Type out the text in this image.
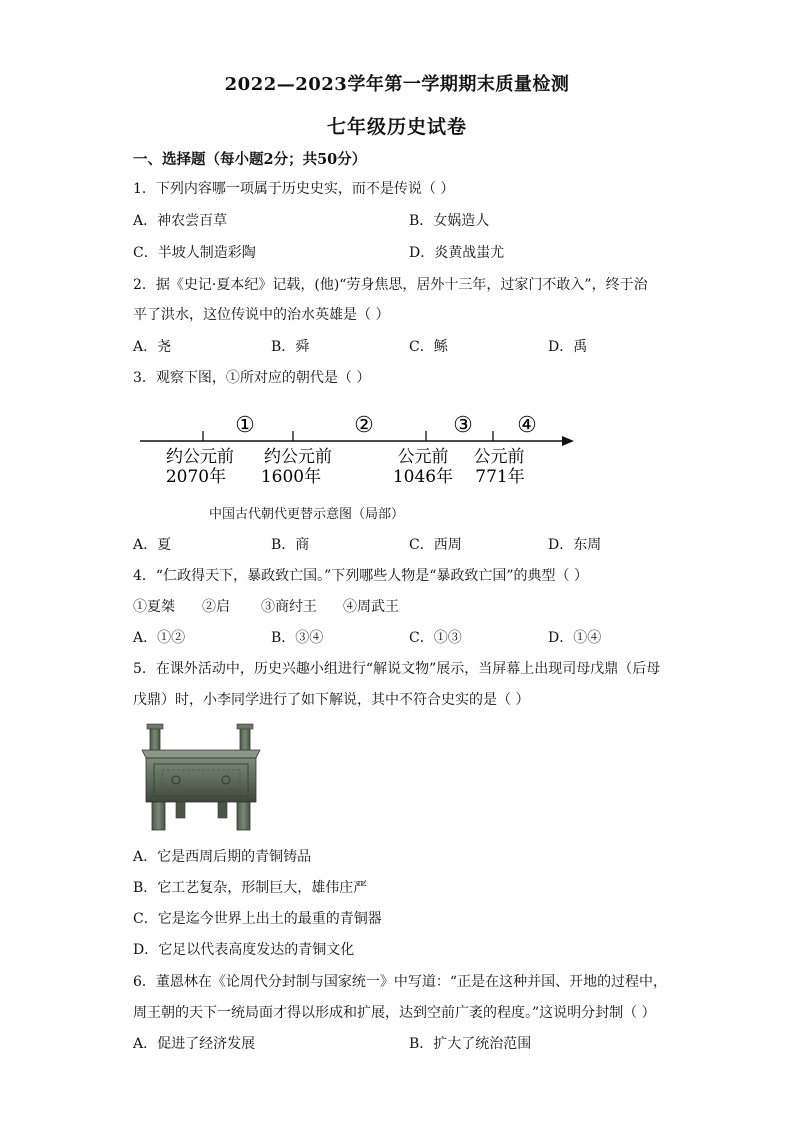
2022—2023学年第一学期期末质量检测
七年级历史试卷
一、选择题（每小题2分；共50分）
1．下列内容哪一项属于历史史实，而不是传说（ ）
A．神农尝百草	B．女娲造人
C．半坡人制造彩陶	D．炎黄战蚩尤
2．据《史记·夏本纪》记载，(他)“劳身焦思，居外十三年，过家门不敢入”，终于治
平了洪水，这位传说中的治水英雄是（ ）
A．尧	B．舜	C．鲧	D．禹
3．观察下图，①所对应的朝代是（ ）
①	②	③ ④
约公元前
2070年
约公元前
1600年
公元前
1046年
公元前
771年
中国古代朝代更替示意图（局部）
A．夏	B．商	C．西周	D．东周
4．“仁政得天下，暴政致亡国。”下列哪些人物是“暴政致亡国”的典型（ ）
①夏桀 ②启 ③商纣王 ④周武王
A．①②	B．③④	C．①③	D．①④
5．在课外活动中，历史兴趣小组进行“解说文物”展示，当屏幕上出现司母戊鼎（后母
戊鼎）时，小李同学进行了如下解说，其中不符合史实的是（ ）
A．它是西周后期的青铜铸品
B．它工艺复杂，形制巨大，雄伟庄严
C．它是迄今世界上出土的最重的青铜器
D．它足以代表高度发达的青铜文化
6．董恩林在《论周代分封制与国家统一》中写道：“正是在这种并国、开地的过程中，
周王朝的天下一统局面才得以形成和扩展，达到空前广袤的程度。”这说明分封制（ ）
A．促进了经济发展	B．扩大了统治范围
